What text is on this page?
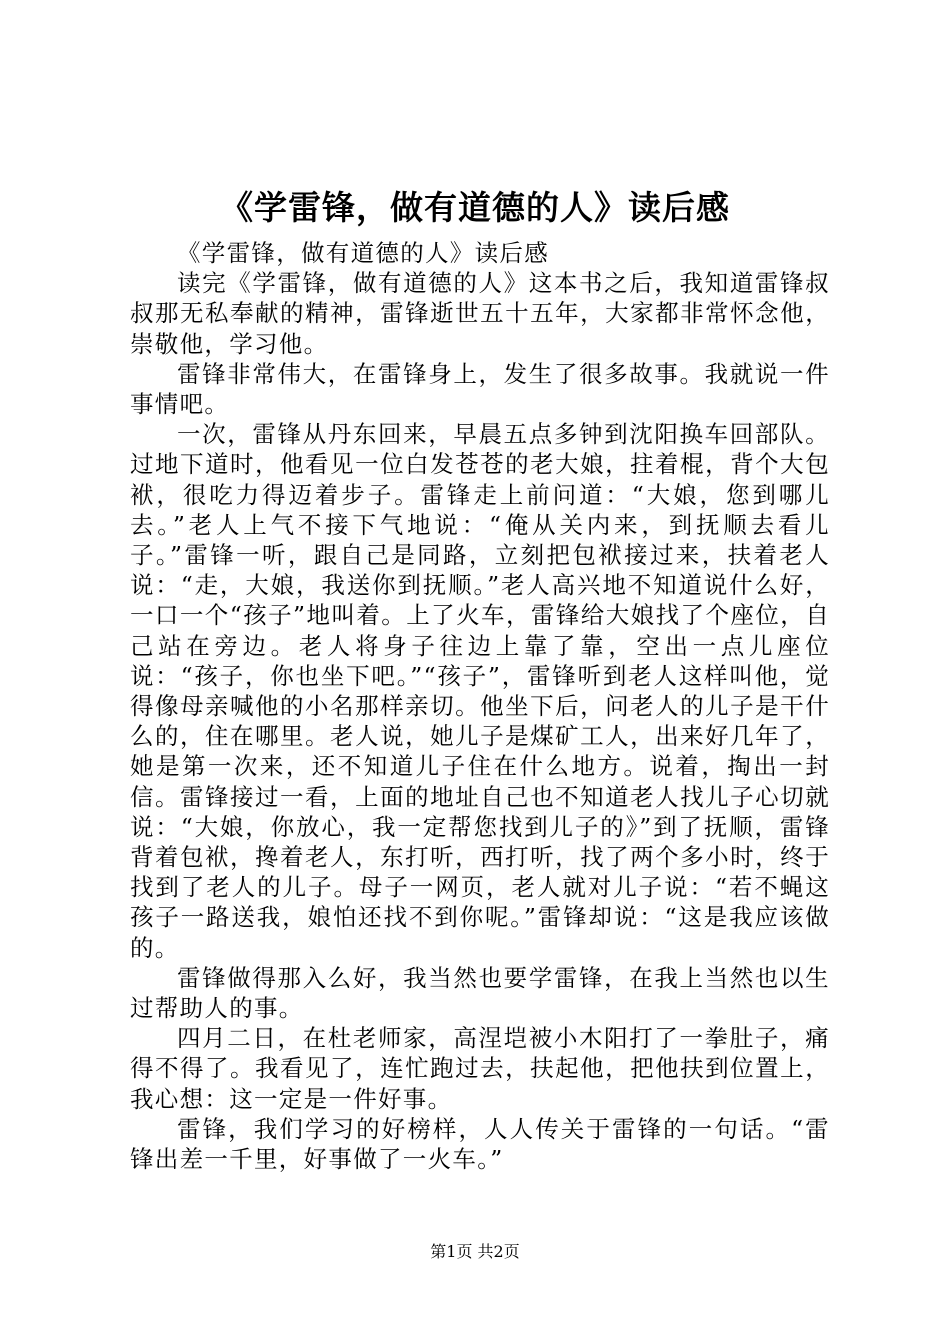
《学雷锋，做有道德的人》读后感

《学雷锋，做有道德的人》读后感

读完《学雷锋，做有道德的人》这本书之后，我知道雷锋叔叔那无私奉献的精神，雷锋逝世五十五年，大家都非常怀念他，崇敬他，学习他。

雷锋非常伟大，在雷锋身上，发生了很多故事。我就说一件事情吧。

一次，雷锋从丹东回来，早晨五点多钟到沈阳换车回部队。过地下道时，他看见一位白发苍苍的老大娘，拄着棍，背个大包袱，很吃力得迈着步子。雷锋走上前问道：“大娘，您到哪儿去。”老人上气不接下气地说：“俺从关内来，到抚顺去看儿子。”雷锋一听，跟自己是同路，立刻把包袱接过来，扶着老人说：“走，大娘，我送你到抚顺。”老人高兴地不知道说什么好，一口一个“孩子”地叫着。上了火车，雷锋给大娘找了个座位，自己站在旁边。老人将身子往边上靠了靠，空出一点儿座位说：“孩子，你也坐下吧。”“孩子”，雷锋听到老人这样叫他，觉得像母亲喊他的小名那样亲切。他坐下后，问老人的儿子是干什么的，住在哪里。老人说，她儿子是煤矿工人，出来好几年了，她是第一次来，还不知道儿子住在什么地方。说着，掏出一封信。雷锋接过一看，上面的地址自己也不知道老人找儿子心切就说：“大娘，你放心，我一定帮您找到儿子的》”到了抚顺，雷锋背着包袱，搀着老人，东打听，西打听，找了两个多小时，终于找到了老人的儿子。母子一网页，老人就对儿子说：“若不蝇这孩子一路送我，娘怕还找不到你呢。”雷锋却说：“这是我应该做的。

雷锋做得那入么好，我当然也要学雷锋，在我上当然也以生过帮助人的事。

四月二日，在杜老师家，高涅垲被小木阳打了一拳肚子，痛得不得了。我看见了，连忙跑过去，扶起他，把他扶到位置上，我心想：这一定是一件好事。

雷锋，我们学习的好榜样，人人传关于雷锋的一句话。“雷锋出差一千里，好事做了一火车。”

第1页 共2页
